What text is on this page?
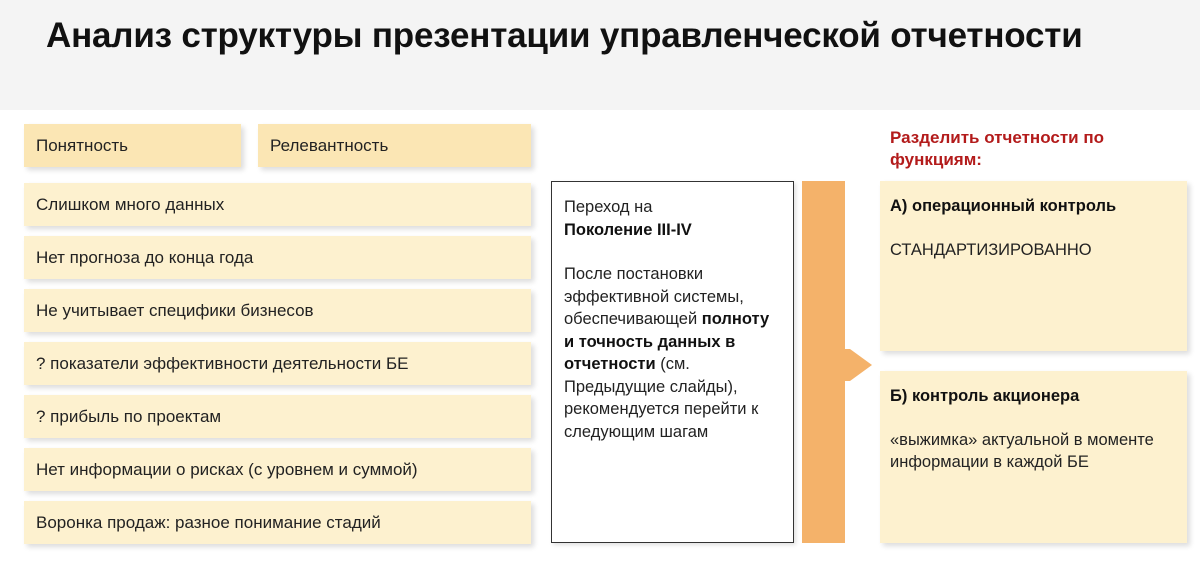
Анализ структуры презентации управленческой отчетности
Понятность	Релевантность
Слишком много данных
Нет прогноза до конца года
Не учитывает специфики бизнесов
? показатели эффективности деятельности БЕ
? прибыль по проектам
Нет информации о рисках (с уровнем и суммой)
Воронка продаж: разное понимание стадий

Переход на

Поколение III-IV

После постановки эффективной системы, обеспечивающей полноту и точность данных в отчетности (см. Предыдущие слайды), рекомендуется перейти к следующим шагам

Разделить отчетности по функциям:
А) операционный контроль
СТАНДАРТИЗИРОВАННО
Б) контроль акционера
«выжимка» актуальной в моменте информации в каждой БЕ
